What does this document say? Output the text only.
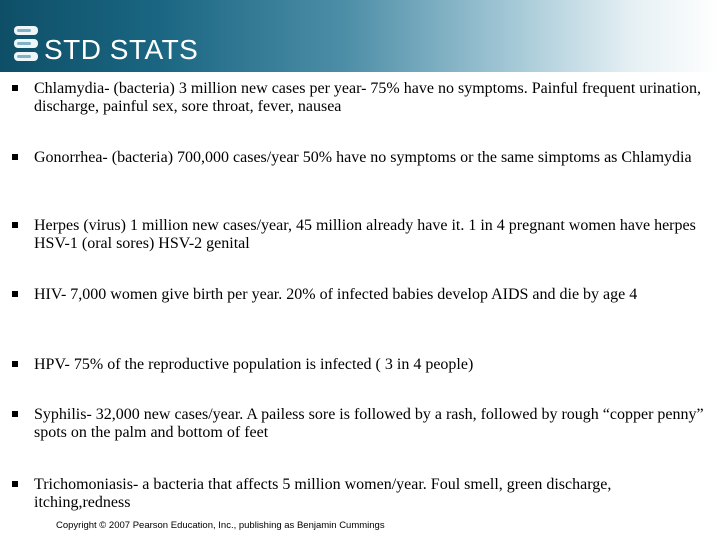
STD STATS
Chlamydia- (bacteria) 3 million new cases per year- 75% have no symptoms. Painful frequent urination, discharge, painful sex, sore throat, fever, nausea
Gonorrhea- (bacteria) 700,000 cases/year 50% have no symptoms or the same simptoms as Chlamydia
Herpes (virus) 1 million new cases/year, 45 million already have it. 1 in 4 pregnant women have herpes HSV-1 (oral sores) HSV-2 genital
HIV- 7,000 women give birth per year. 20% of infected babies develop AIDS and die by age 4
HPV- 75% of the reproductive population is infected ( 3 in 4 people)
Syphilis- 32,000 new cases/year. A pailess sore is followed by a rash, followed by rough “copper penny” spots on the palm and bottom of feet
Trichomoniasis- a bacteria that affects 5 million women/year. Foul smell, green discharge, itching,redness
Copyright © 2007 Pearson Education, Inc., publishing as Benjamin Cummings
